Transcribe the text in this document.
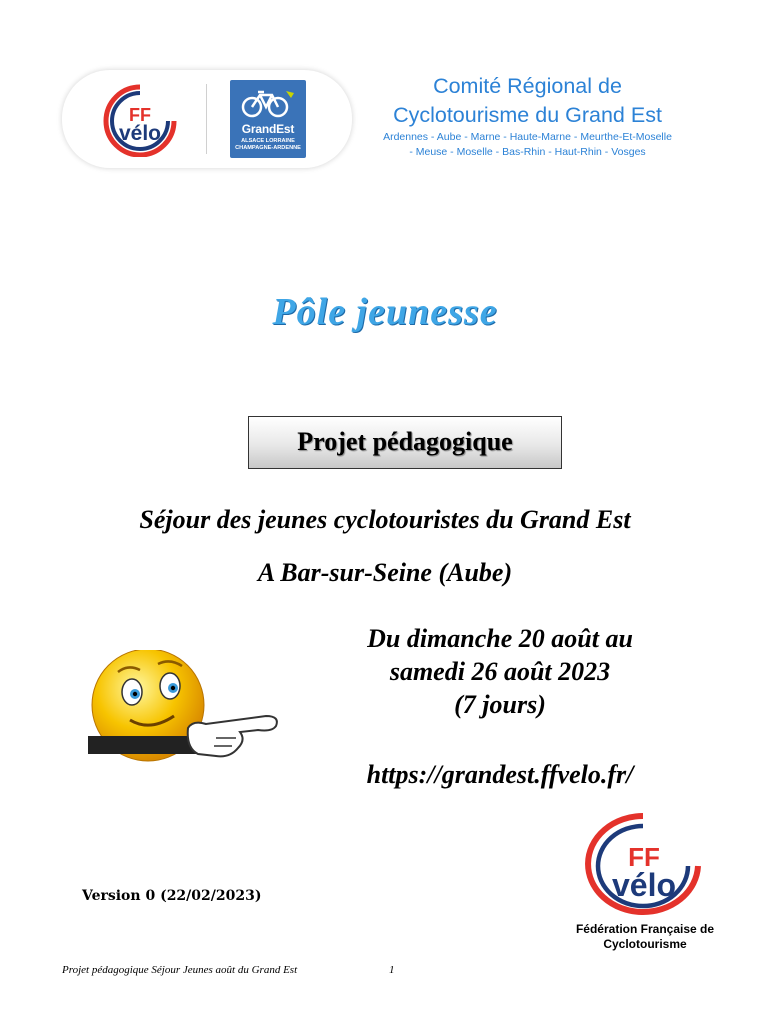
FF
vélo	GrandEst
ALSACE LORRAINE
CHAMPAGNE-ARDENNE
Comité Régional de
Cyclotourisme du Grand Est
Ardennes - Aube - Marne - Haute-Marne - Meurthe-Et-Moselle
- Meuse - Moselle - Bas-Rhin - Haut-Rhin - Vosges
Pôle jeunesse
Projet pédagogique
Séjour des jeunes cyclotouristes du Grand Est
A Bar-sur-Seine (Aube)
Du dimanche 20 août au
samedi 26 août 2023
(7 jours)
https://grandest.ffvelo.fr/
FF
vélo
Fédération Française de
Cyclotourisme
Version 0 (22/02/2023)
Projet pédagogique Séjour Jeunes août du Grand Est	1
